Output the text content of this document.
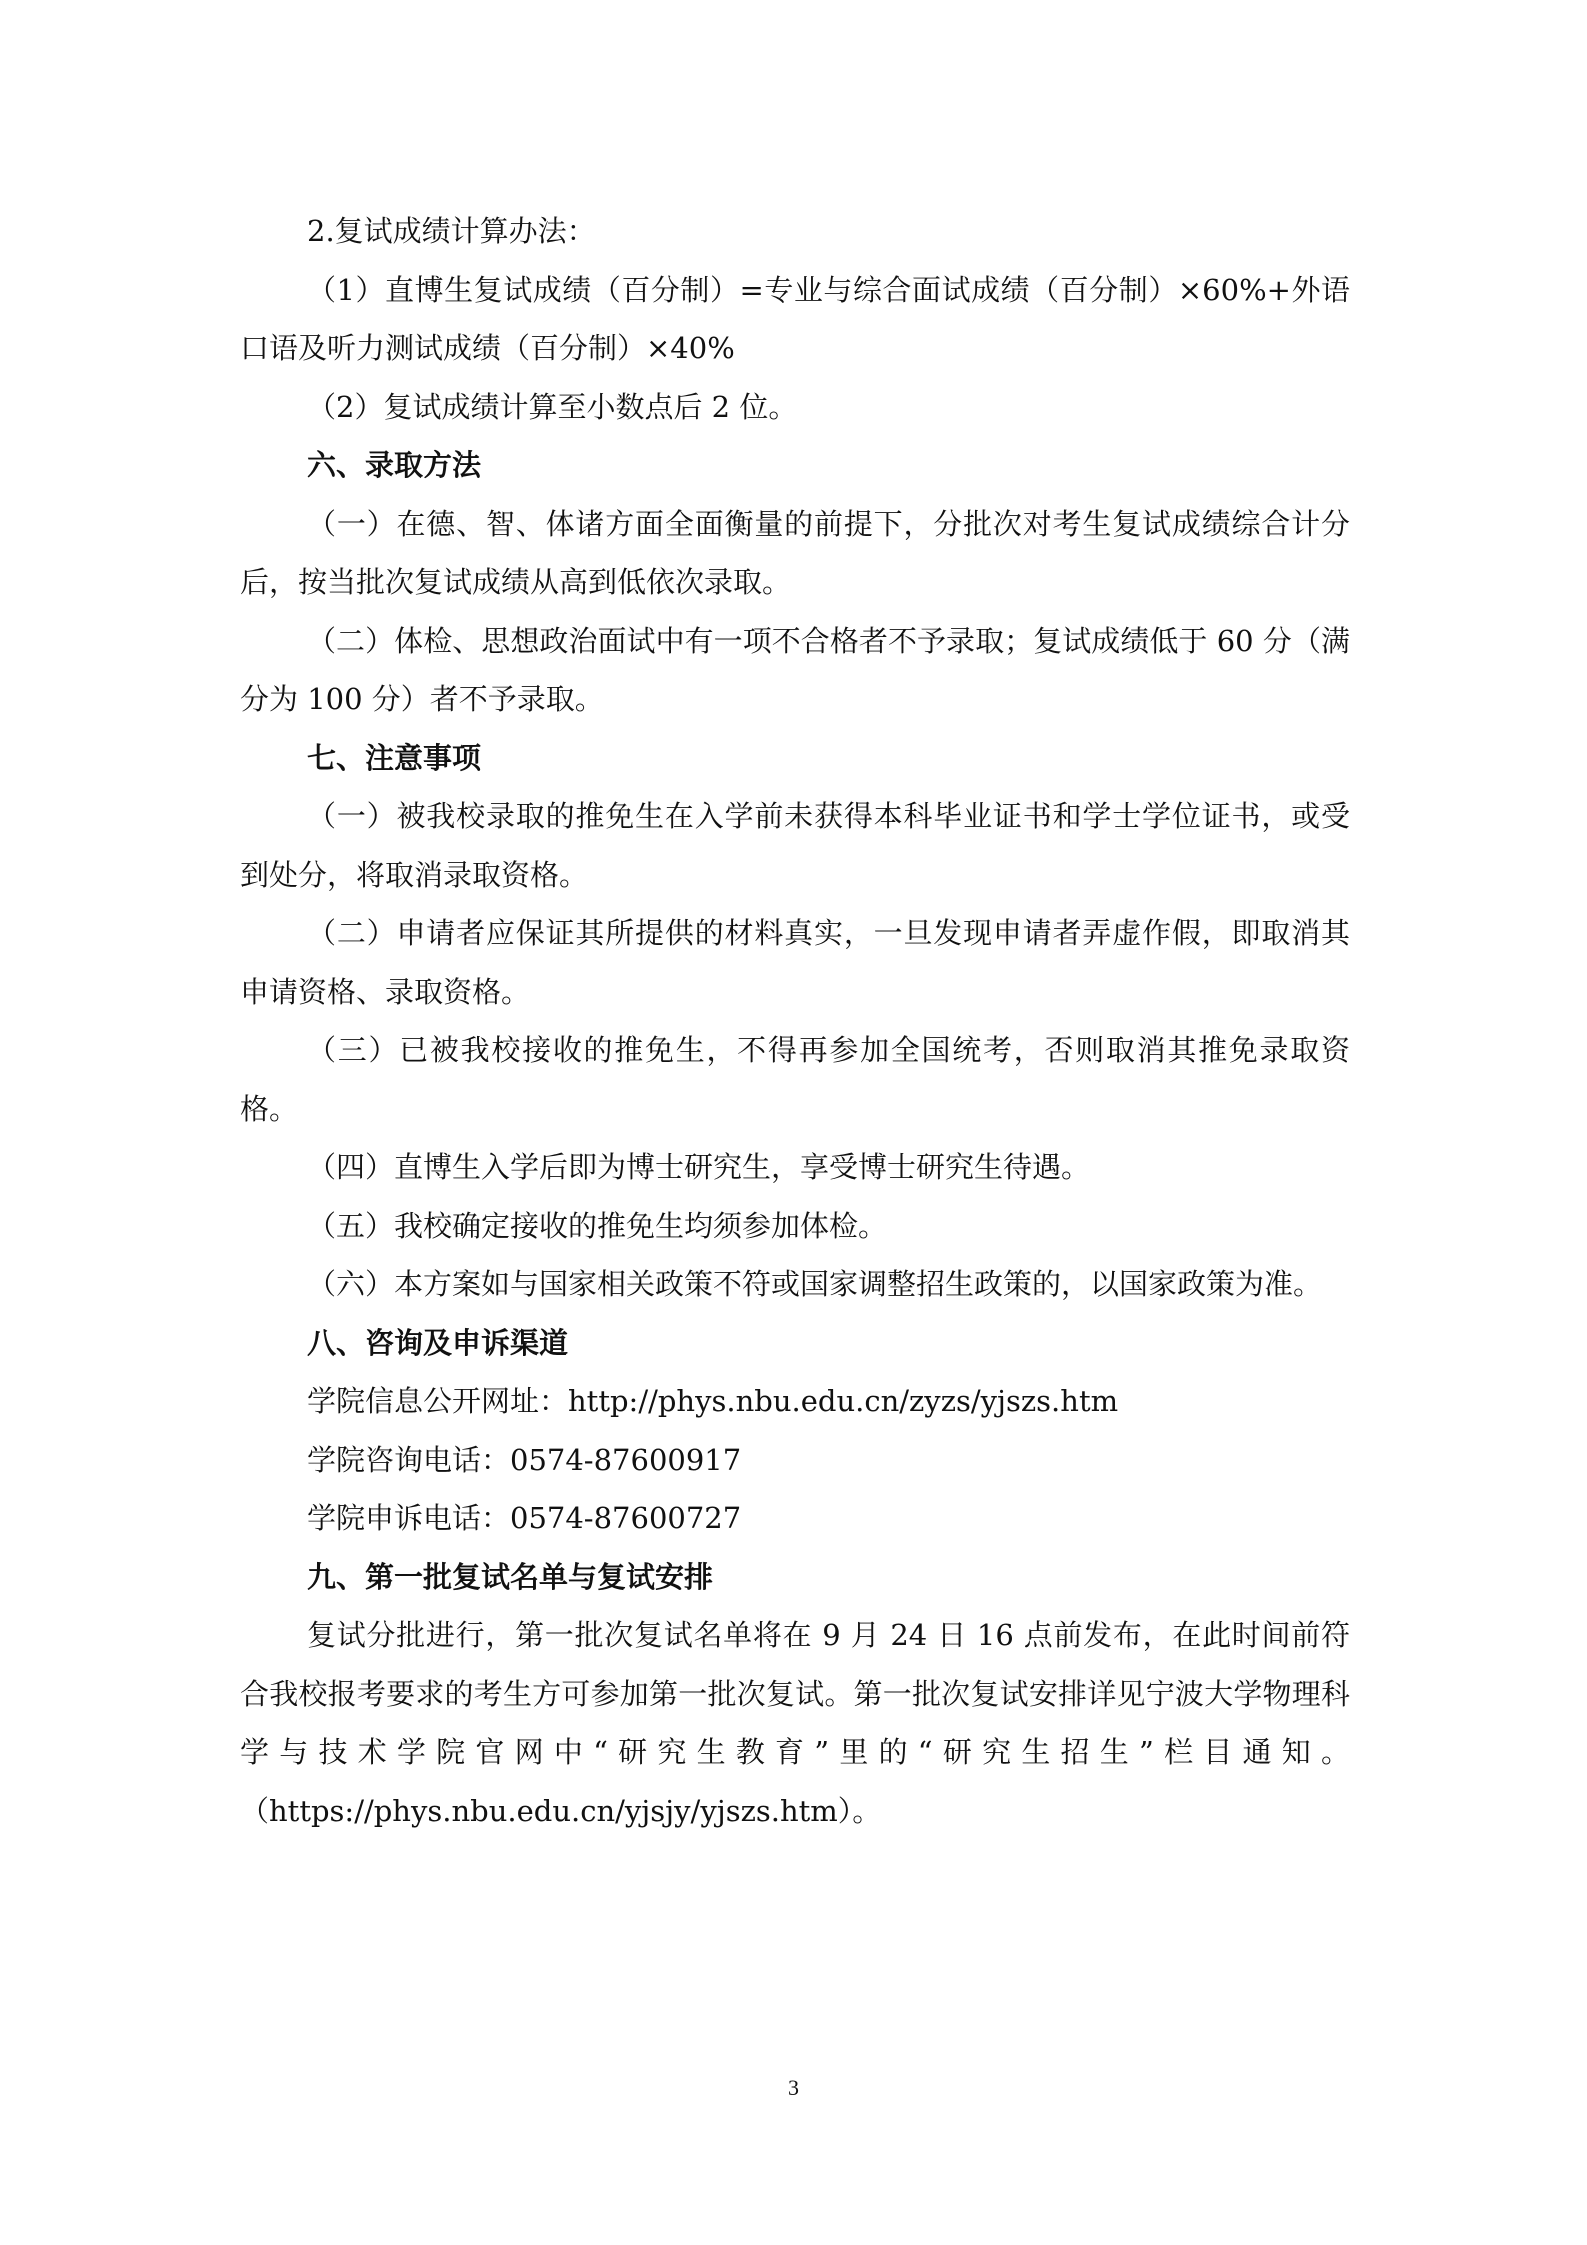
2.复试成绩计算办法：

（1）直博生复试成绩（百分制）=专业与综合面试成绩（百分制）×60%+外语口语及听力测试成绩（百分制）×40%

（2）复试成绩计算至小数点后 2 位。

六、录取方法

（一）在德、智、体诸方面全面衡量的前提下，分批次对考生复试成绩综合计分后，按当批次复试成绩从高到低依次录取。

（二）体检、思想政治面试中有一项不合格者不予录取；复试成绩低于 60 分（满分为 100 分）者不予录取。

七、注意事项

（一）被我校录取的推免生在入学前未获得本科毕业证书和学士学位证书，或受到处分，将取消录取资格。

（二）申请者应保证其所提供的材料真实，一旦发现申请者弄虚作假，即取消其申请资格、录取资格。

（三）已被我校接收的推免生，不得再参加全国统考，否则取消其推免录取资格。

（四）直博生入学后即为博士研究生，享受博士研究生待遇。

（五）我校确定接收的推免生均须参加体检。

（六）本方案如与国家相关政策不符或国家调整招生政策的，以国家政策为准。

八、咨询及申诉渠道

学院信息公开网址：http://phys.nbu.edu.cn/zyzs/yjszs.htm

学院咨询电话：0574-87600917

学院申诉电话：0574-87600727

九、第一批复试名单与复试安排

复试分批进行，第一批次复试名单将在 9 月 24 日 16 点前发布，在此时间前符合我校报考要求的考生方可参加第一批次复试。第一批次复试安排详见宁波大学物理科学与技术学院官网中“研究生教育”里的“研究生招生”栏目通知。（https://phys.nbu.edu.cn/yjsjy/yjszs.htm）。

3
